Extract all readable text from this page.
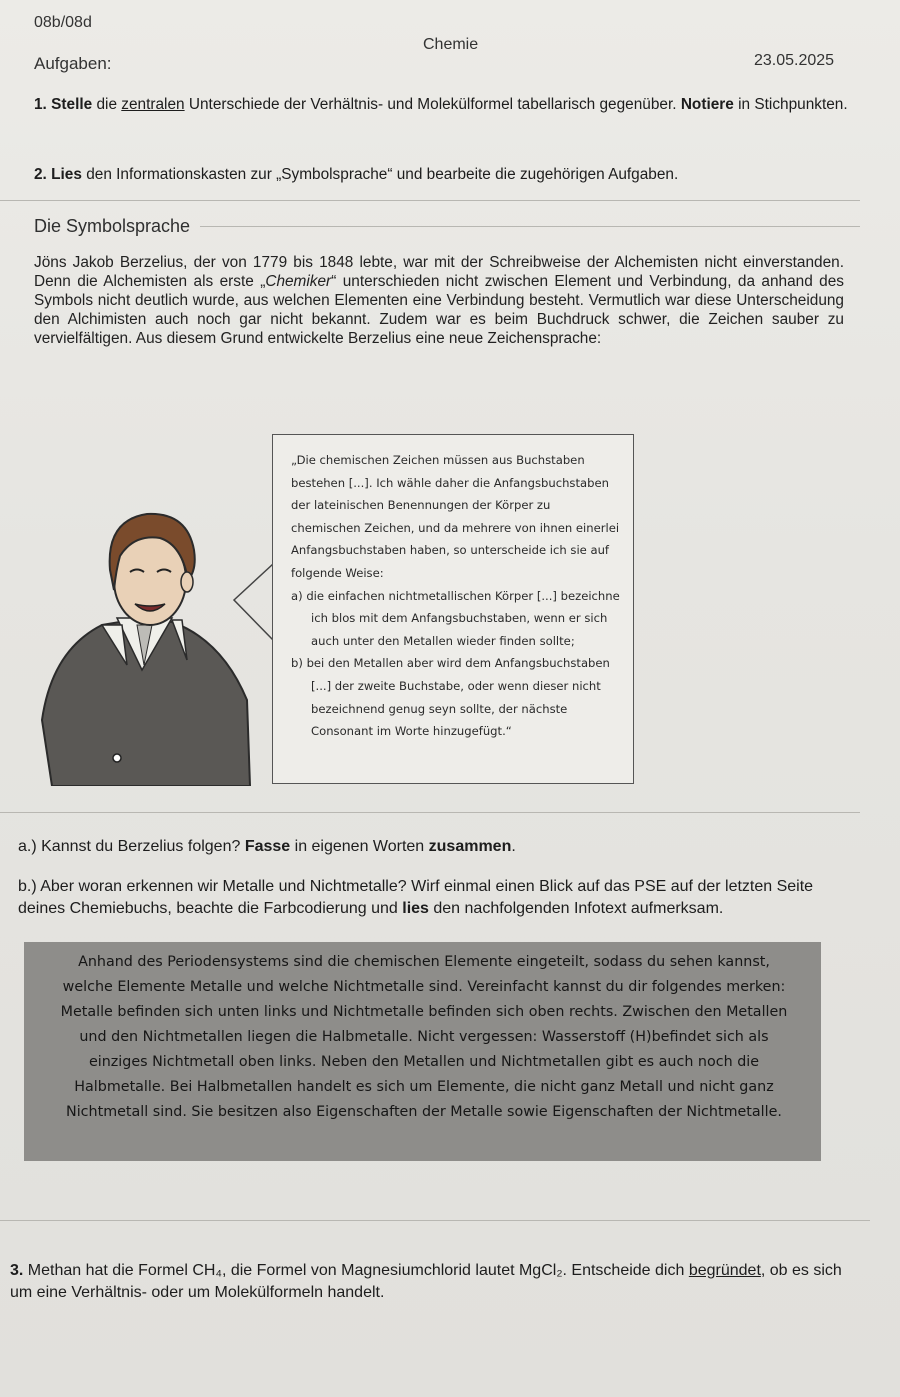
08b/08d
Chemie
Aufgaben:	23.05.2025
1. Stelle die zentralen Unterschiede der Verhältnis- und Molekülformel tabellarisch gegenüber. Notiere in Stichpunkten.
2. Lies den Informationskasten zur „Symbolsprache“ und bearbeite die zugehörigen Aufgaben.
Die Symbolsprache
Jöns Jakob Berzelius, der von 1779 bis 1848 lebte, war mit der Schreibweise der Alchemisten nicht einverstanden. Denn die Alchemisten als erste „Chemiker“ unterschieden nicht zwischen Element und Verbindung, da anhand des Symbols nicht deutlich wurde, aus welchen Elementen eine Verbindung besteht. Vermutlich war diese Unterscheidung den Alchimisten auch noch gar nicht bekannt. Zudem war es beim Buchdruck schwer, die Zeichen sauber zu vervielfältigen. Aus diesem Grund entwickelte Berzelius eine neue Zeichensprache:
„Die chemischen Zeichen müssen aus Buchstaben bestehen [...]. Ich wähle daher die Anfangsbuchstaben der lateinischen Benennungen der Körper zu chemischen Zeichen, und da mehrere von ihnen einerlei Anfangsbuchstaben haben, so unterscheide ich sie auf folgende Weise:
a) die einfachen nichtmetallischen Körper [...] bezeichne ich blos mit dem Anfangsbuchstaben, wenn er sich auch unter den Metallen wieder finden sollte;
b) bei den Metallen aber wird dem Anfangsbuchstaben [...] der zweite Buchstabe, oder wenn dieser nicht bezeichnend genug seyn sollte, der nächste Consonant im Worte hinzugefügt.“
a.) Kannst du Berzelius folgen? Fasse in eigenen Worten zusammen.
b.) Aber woran erkennen wir Metalle und Nichtmetalle? Wirf einmal einen Blick auf das PSE auf der letzten Seite deines Chemiebuchs, beachte die Farbcodierung und lies den nachfolgenden Infotext aufmerksam.
Anhand des Periodensystems sind die chemischen Elemente eingeteilt, sodass du sehen kannst, welche Elemente Metalle und welche Nichtmetalle sind. Vereinfacht kannst du dir folgendes merken: Metalle befinden sich unten links und Nichtmetalle befinden sich oben rechts. Zwischen den Metallen und den Nichtmetallen liegen die Halbmetalle. Nicht vergessen: Wasserstoff (H)befindet sich als einziges Nichtmetall oben links. Neben den Metallen und Nichtmetallen gibt es auch noch die Halbmetalle. Bei Halbmetallen handelt es sich um Elemente, die nicht ganz Metall und nicht ganz Nichtmetall sind. Sie besitzen also Eigenschaften der Metalle sowie Eigenschaften der Nichtmetalle.
3. Methan hat die Formel CH₄, die Formel von Magnesiumchlorid lautet MgCl₂. Entscheide dich begründet, ob es sich um eine Verhältnis- oder um Molekülformeln handelt.
